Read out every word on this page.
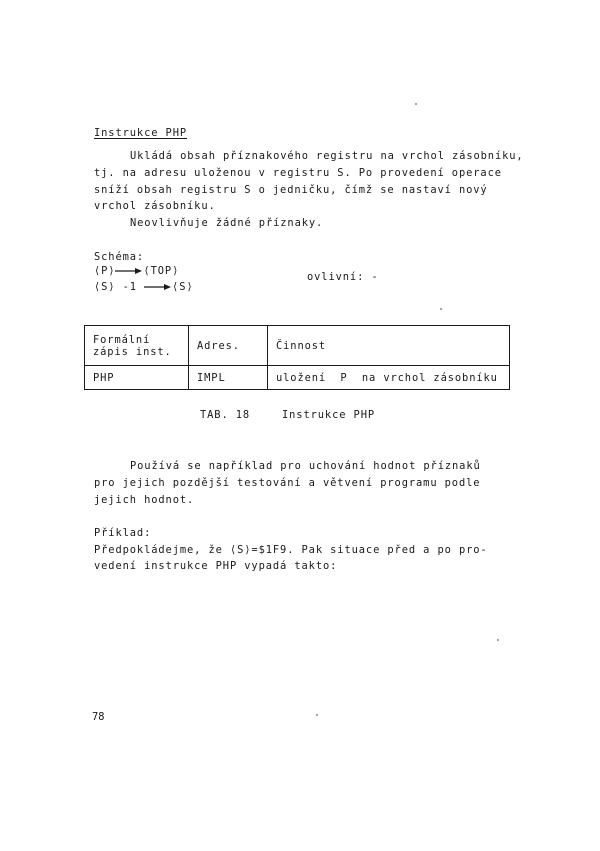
Instrukce PHP
Ukládá obsah příznakového registru na vrchol zásobníku,
tj. na adresu uloženou v registru S. Po provedení operace
sníží obsah registru S o jedničku, čímž se nastaví nový
vrchol zásobníku.
Neovlivňuje žádné příznaky.
Schéma:
⟨P⟩	⟨TOP⟩
⟨S⟩ -1	⟨S⟩
ovlivní: -
Formální
zápis inst.	Adres.	Činnost
PHP	IMPL	uložení  P  na vrchol zásobníku
TAB. 18	Instrukce PHP
Používá se například pro uchování hodnot příznaků
pro jejich pozdější testování a větvení programu podle
jejich hodnot.
Příklad:
Předpokládejme, že ⟨S⟩=$1F9. Pak situace před a po pro-
vedení instrukce PHP vypadá takto:
78
